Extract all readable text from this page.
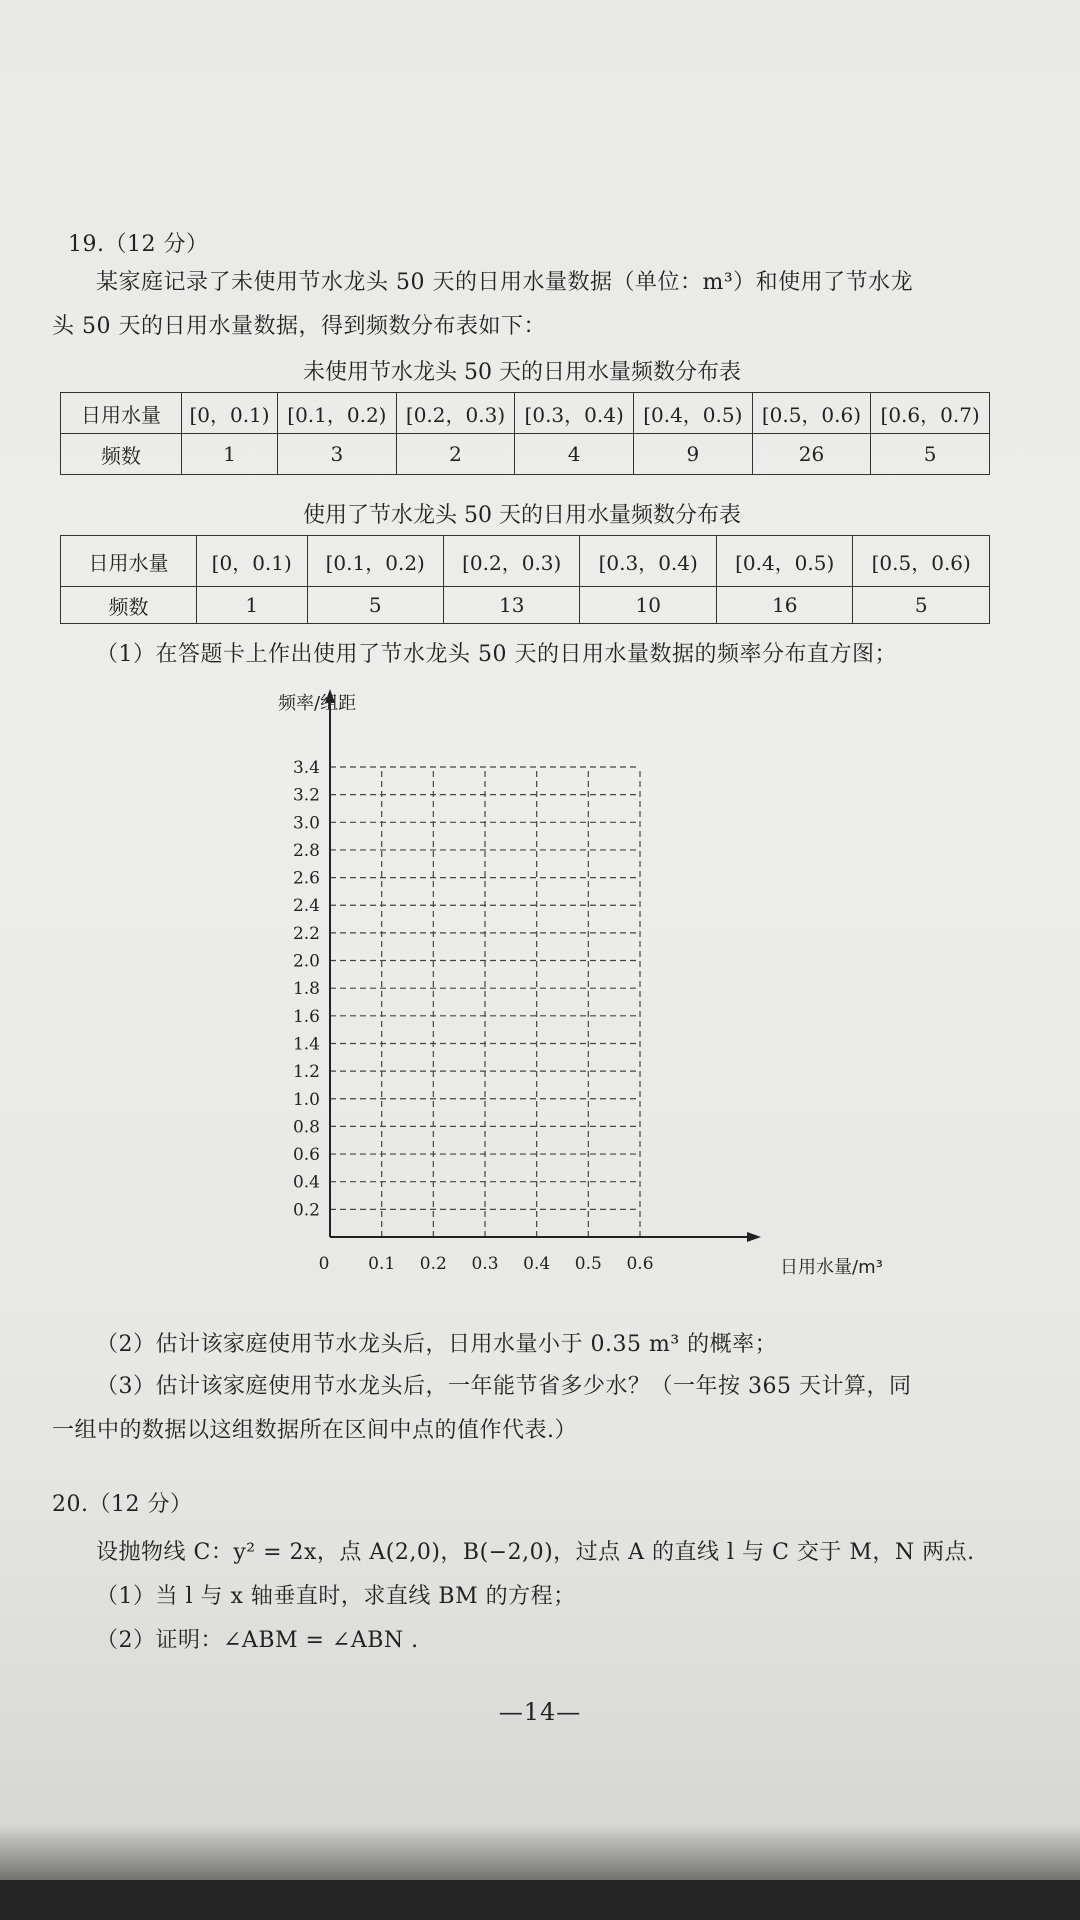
19.（12 分）
某家庭记录了未使用节水龙头 50 天的日用水量数据（单位：m³）和使用了节水龙
头 50 天的日用水量数据，得到频数分布表如下：
未使用节水龙头 50 天的日用水量频数分布表
日用水量	[0，0.1)	[0.1，0.2)	[0.2，0.3)	[0.3，0.4)	[0.4，0.5)	[0.5，0.6)	[0.6，0.7)
频数	1	3	2	4	9	26	5
使用了节水龙头 50 天的日用水量频数分布表
日用水量	[0，0.1)	[0.1，0.2)	[0.2，0.3)	[0.3，0.4)	[0.4，0.5)	[0.5，0.6)
频数	1	5	13	10	16	5
（1）在答题卡上作出使用了节水龙头 50 天的日用水量数据的频率分布直方图；
0.2
0.4
0.6
0.8
1.0
1.2
1.4
1.6
1.8
2.0
2.2
2.4
2.6
2.8
3.0
3.2
3.4
0.1 0.2 0.3 0.4 0.5 0.6
频率/组距
日用水量/m³
0
（2）估计该家庭使用节水龙头后，日用水量小于 0.35 m³ 的概率；
（3）估计该家庭使用节水龙头后，一年能节省多少水？（一年按 365 天计算，同
一组中的数据以这组数据所在区间中点的值作代表.）
20.（12 分）
设抛物线 C：y² = 2x，点 A(2,0)，B(−2,0)，过点 A 的直线 l 与 C 交于 M，N 两点.
（1）当 l 与 x 轴垂直时，求直线 BM 的方程；
（2）证明：∠ABM = ∠ABN .
—14—
